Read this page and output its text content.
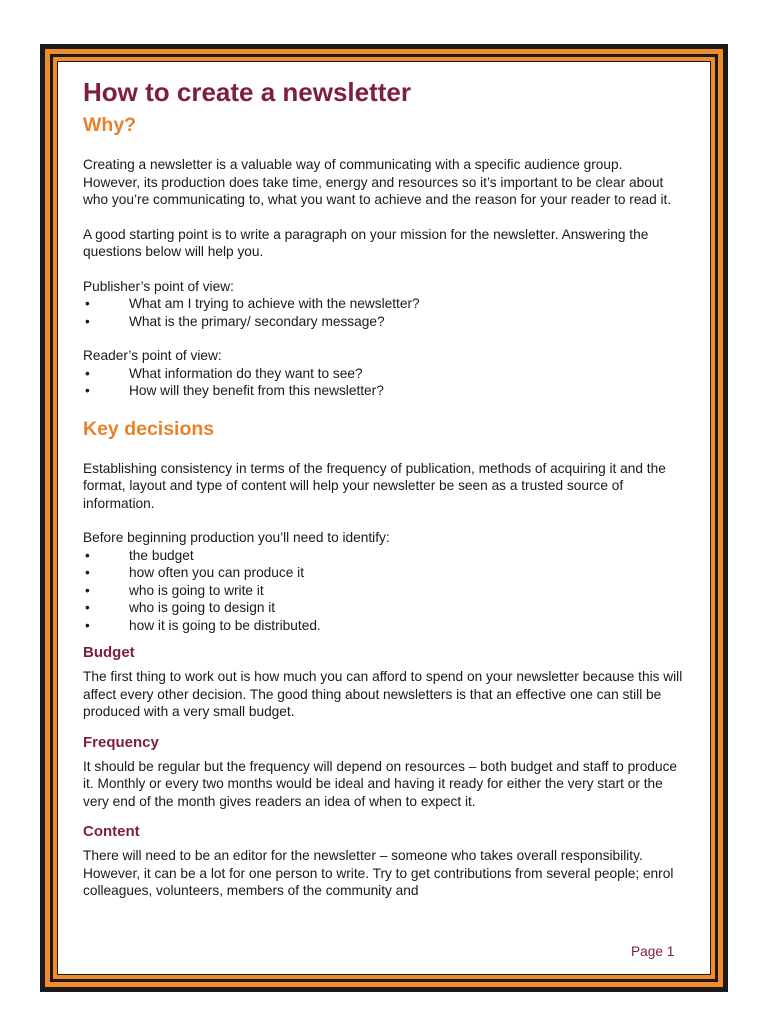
How to create a newsletter
Why?

Creating a newsletter is a valuable way of communicating with a specific audience group. However, its production does take time, energy and resources so it’s important to be clear about who you’re communicating to, what you want to achieve and the reason for your reader to read it.

A good starting point is to write a paragraph on your mission for the newsletter. Answering the questions below will help you.

Publisher’s point of view:

•	What am I trying to achieve with the newsletter?
•	What is the primary/ secondary message?

Reader’s point of view:

•	What information do they want to see?
•	How will they benefit from this newsletter?
Key decisions

Establishing consistency in terms of the frequency of publication, methods of acquiring it and the format, layout and type of content will help your newsletter be seen as a trusted source of information.

Before beginning production you’ll need to identify:

•	the budget
•	how often you can produce it
•	who is going to write it
•	who is going to design it
•	how it is going to be distributed.
Budget

The first thing to work out is how much you can afford to spend on your newsletter because this will affect every other decision. The good thing about newsletters is that an effective one can still be produced with a very small budget.

Frequency

It should be regular but the frequency will depend on resources – both budget and staff to produce it. Monthly or every two months would be ideal and having it ready for either the very start or the very end of the month gives readers an idea of when to expect it.

Content

There will need to be an editor for the newsletter – someone who takes overall responsibility. However, it can be a lot for one person to write. Try to get contributions from several people; enrol colleagues, volunteers, members of the community and

Page 1
